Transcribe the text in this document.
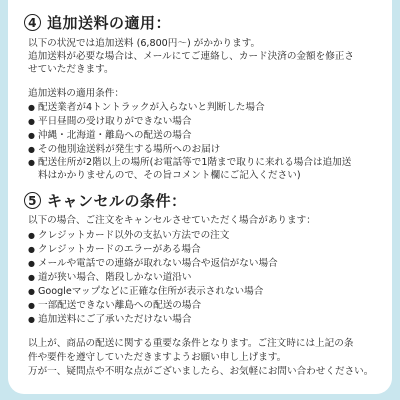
4 追加送料の適用：
以下の状況では追加送料 (6,800円〜) がかかります。
追加送料が必要な場合は、メールにてご連絡し、カード決済の金額を修正さ
せていただきます。
追加送料の適用条件：
● 配送業者が4トントラックが入らないと判断した場合
● 平日昼間の受け取りができない場合
● 沖縄・北海道・離島への配送の場合
● その他別途送料が発生する場所へのお届け
● 配送住所が2階以上の場所(お電話等で1階まで取りに来れる場合は追加送
料はかかりませんので、その旨コメント欄にご記入ください)
5 キャンセルの条件：
以下の場合、ご注文をキャンセルさせていただく場合があります：
● クレジットカード以外の支払い方法での注文
● クレジットカードのエラーがある場合
● メールや電話での連絡が取れない場合や返信がない場合
● 道が狭い場合、階段しかない道沿い
● Googleマップなどに正確な住所が表示されない場合
● 一部配送できない離島への配送の場合
● 追加送料にご了承いただけない場合
以上が、商品の配送に関する重要な条件となります。ご注文時には上記の条
件や要件を遵守していただきますようお願い申し上げます。
万が一、疑問点や不明な点がございましたら、お気軽にお問い合わせください。
